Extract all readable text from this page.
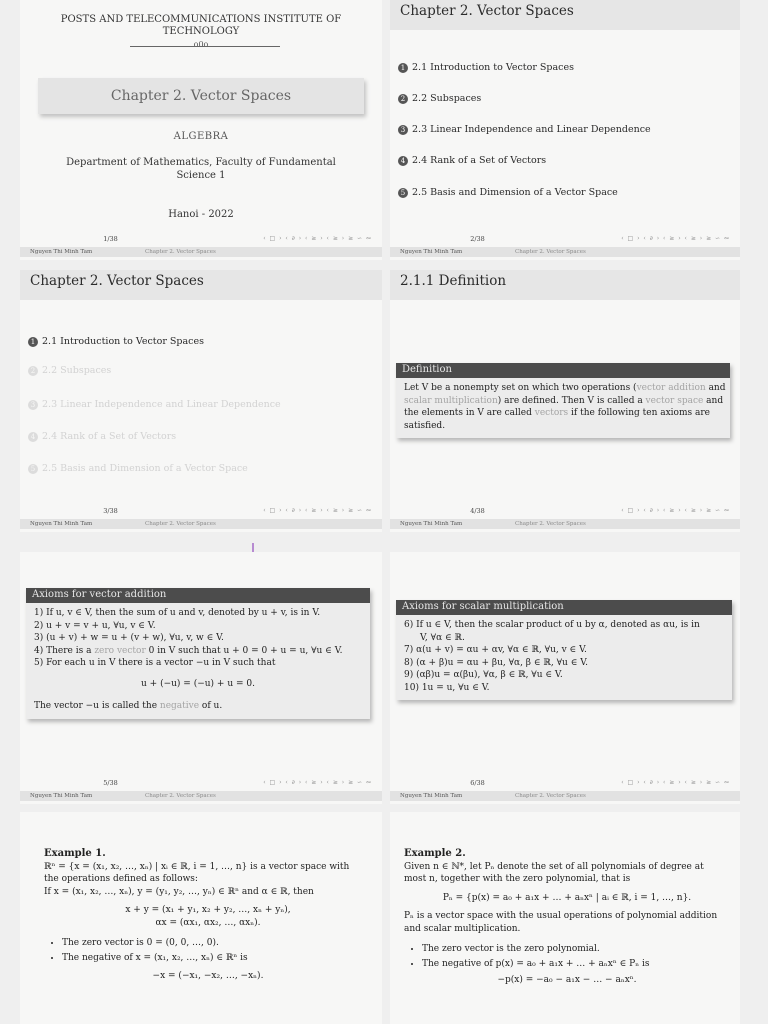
POSTS AND TELECOMMUNICATIONS INSTITUTE OF
TECHNOLOGY
o0o
Chapter 2. Vector Spaces
ALGEBRA
Department of Mathematics, Faculty of Fundamental
Science 1
Hanoi - 2022
1/38	‹ □ › ‹ ∂ › ‹ ≥ › ‹ ≥ › ≥ ∽ ∾
Nguyen Thi Minh Tam	Chapter 2. Vector Spaces
Chapter 2. Vector Spaces
1 2.1 Introduction to Vector Spaces
2 2.2 Subspaces
3 2.3 Linear Independence and Linear Dependence
4 2.4 Rank of a Set of Vectors
5 2.5 Basis and Dimension of a Vector Space
2/38	‹ □ › ‹ ∂ › ‹ ≥ › ‹ ≥ › ≥ ∽ ∾
Nguyen Thi Minh Tam	Chapter 2. Vector Spaces
Chapter 2. Vector Spaces
1 2.1 Introduction to Vector Spaces
2 2.2 Subspaces
3 2.3 Linear Independence and Linear Dependence
4 2.4 Rank of a Set of Vectors
5 2.5 Basis and Dimension of a Vector Space
3/38	‹ □ › ‹ ∂ › ‹ ≥ › ‹ ≥ › ≥ ∽ ∾
Nguyen Thi Minh Tam	Chapter 2. Vector Spaces
2.1.1 Definition
Definition
Let V be a nonempty set on which two operations (vector addition and
scalar multiplication) are defined. Then V is called a vector space and
the elements in V are called vectors if the following ten axioms are
satisfied.
4/38	‹ □ › ‹ ∂ › ‹ ≥ › ‹ ≥ › ≥ ∽ ∾
Nguyen Thi Minh Tam	Chapter 2. Vector Spaces
Axioms for vector addition
1) If u, v ∈ V, then the sum of u and v, denoted by u + v, is in V.
2) u + v = v + u, ∀u, v ∈ V.
3) (u + v) + w = u + (v + w), ∀u, v, w ∈ V.
4) There is a zero vector 0 in V such that u + 0 = 0 + u = u, ∀u ∈ V.
5) For each u in V there is a vector −u in V such that
u + (−u) = (−u) + u = 0.
The vector −u is called the negative of u.
5/38	‹ □ › ‹ ∂ › ‹ ≥ › ‹ ≥ › ≥ ∽ ∾
Nguyen Thi Minh Tam	Chapter 2. Vector Spaces
Axioms for scalar multiplication
6) If u ∈ V, then the scalar product of u by α, denoted as αu, is in
V, ∀α ∈ ℝ.
7) α(u + v) = αu + αv, ∀α ∈ ℝ, ∀u, v ∈ V.
8) (α + β)u = αu + βu, ∀α, β ∈ ℝ, ∀u ∈ V.
9) (αβ)u = α(βu), ∀α, β ∈ ℝ, ∀u ∈ V.
10) 1u = u, ∀u ∈ V.
6/38	‹ □ › ‹ ∂ › ‹ ≥ › ‹ ≥ › ≥ ∽ ∾
Nguyen Thi Minh Tam	Chapter 2. Vector Spaces
Example 1.
ℝⁿ = {x = (x₁, x₂, …, xₙ) | xᵢ ∈ ℝ, i = 1, …, n} is a vector space with
the operations defined as follows:
If x = (x₁, x₂, …, xₙ), y = (y₁, y₂, …, yₙ) ∈ ℝⁿ and α ∈ ℝ, then
x + y = (x₁ + y₁, x₂ + y₂, …, xₙ + yₙ),
αx = (αx₁, αx₂, …, αxₙ).
• The zero vector is 0 = (0, 0, …, 0).
• The negative of x = (x₁, x₂, …, xₙ) ∈ ℝⁿ is
−x = (−x₁, −x₂, …, −xₙ).
Example 2.
Given n ∈ ℕ*, let Pₙ denote the set of all polynomials of degree at
most n, together with the zero polynomial, that is
Pₙ = {p(x) = a₀ + a₁x + … + aₙxⁿ | aᵢ ∈ ℝ, i = 1, …, n}.
Pₙ is a vector space with the usual operations of polynomial addition
and scalar multiplication.
• The zero vector is the zero polynomial.
• The negative of p(x) = a₀ + a₁x + … + aₙxⁿ ∈ Pₙ is
−p(x) = −a₀ − a₁x − … − aₙxⁿ.
